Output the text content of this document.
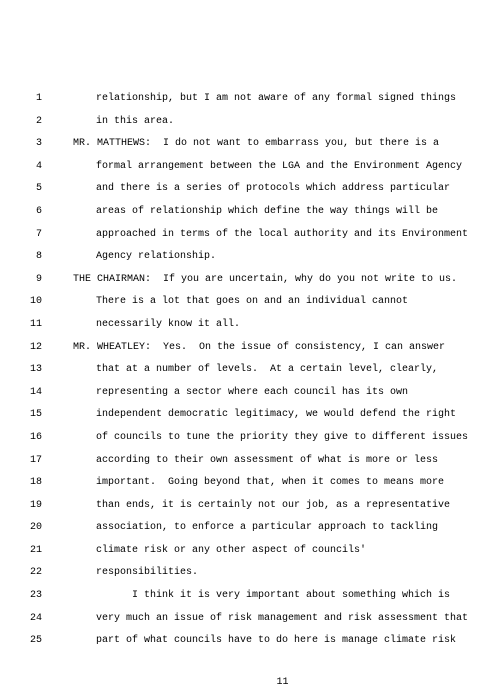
1	relationship, but I am not aware of any formal signed things
2	in this area.
3	MR. MATTHEWS:  I do not want to embarrass you, but there is a
4	formal arrangement between the LGA and the Environment Agency
5	and there is a series of protocols which address particular
6	areas of relationship which define the way things will be
7	approached in terms of the local authority and its Environment
8	Agency relationship.
9	THE CHAIRMAN:  If you are uncertain, why do you not write to us.
10	There is a lot that goes on and an individual cannot
11	necessarily know it all.
12	MR. WHEATLEY:  Yes.  On the issue of consistency, I can answer
13	that at a number of levels.  At a certain level, clearly,
14	representing a sector where each council has its own
15	independent democratic legitimacy, we would defend the right
16	of councils to tune the priority they give to different issues
17	according to their own assessment of what is more or less
18	important.  Going beyond that, when it comes to means more
19	than ends, it is certainly not our job, as a representative
20	association, to enforce a particular approach to tackling
21	climate risk or any other aspect of councils'
22	responsibilities.
23	I think it is very important about something which is
24	very much an issue of risk management and risk assessment that
25	part of what councils have to do here is manage climate risk
11
